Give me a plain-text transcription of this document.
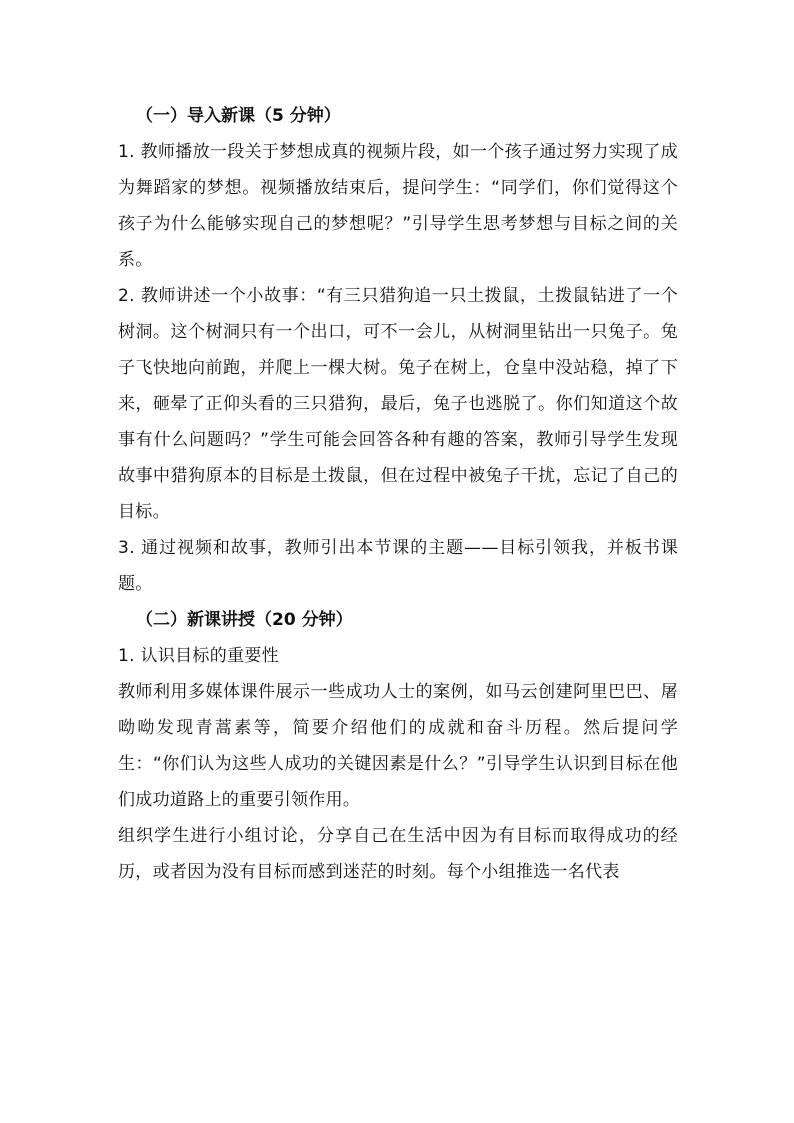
（一）导入新课（5 分钟）

1. 教师播放一段关于梦想成真的视频片段，如一个孩子通过努力实现了成为舞蹈家的梦想。视频播放结束后，提问学生：“同学们，你们觉得这个孩子为什么能够实现自己的梦想呢？”引导学生思考梦想与目标之间的关系。

2. 教师讲述一个小故事：“有三只猎狗追一只土拨鼠，土拨鼠钻进了一个树洞。这个树洞只有一个出口，可不一会儿，从树洞里钻出一只兔子。兔子飞快地向前跑，并爬上一棵大树。兔子在树上，仓皇中没站稳，掉了下来，砸晕了正仰头看的三只猎狗，最后，兔子也逃脱了。你们知道这个故事有什么问题吗？”学生可能会回答各种有趣的答案，教师引导学生发现故事中猎狗原本的目标是土拨鼠，但在过程中被兔子干扰，忘记了自己的目标。

3. 通过视频和故事，教师引出本节课的主题——目标引领我，并板书课题。

（二）新课讲授（20 分钟）

1. 认识目标的重要性

教师利用多媒体课件展示一些成功人士的案例，如马云创建阿里巴巴、屠呦呦发现青蒿素等，简要介绍他们的成就和奋斗历程。然后提问学生：“你们认为这些人成功的关键因素是什么？”引导学生认识到目标在他们成功道路上的重要引领作用。

组织学生进行小组讨论，分享自己在生活中因为有目标而取得成功的经历，或者因为没有目标而感到迷茫的时刻。每个小组推选一名代表
